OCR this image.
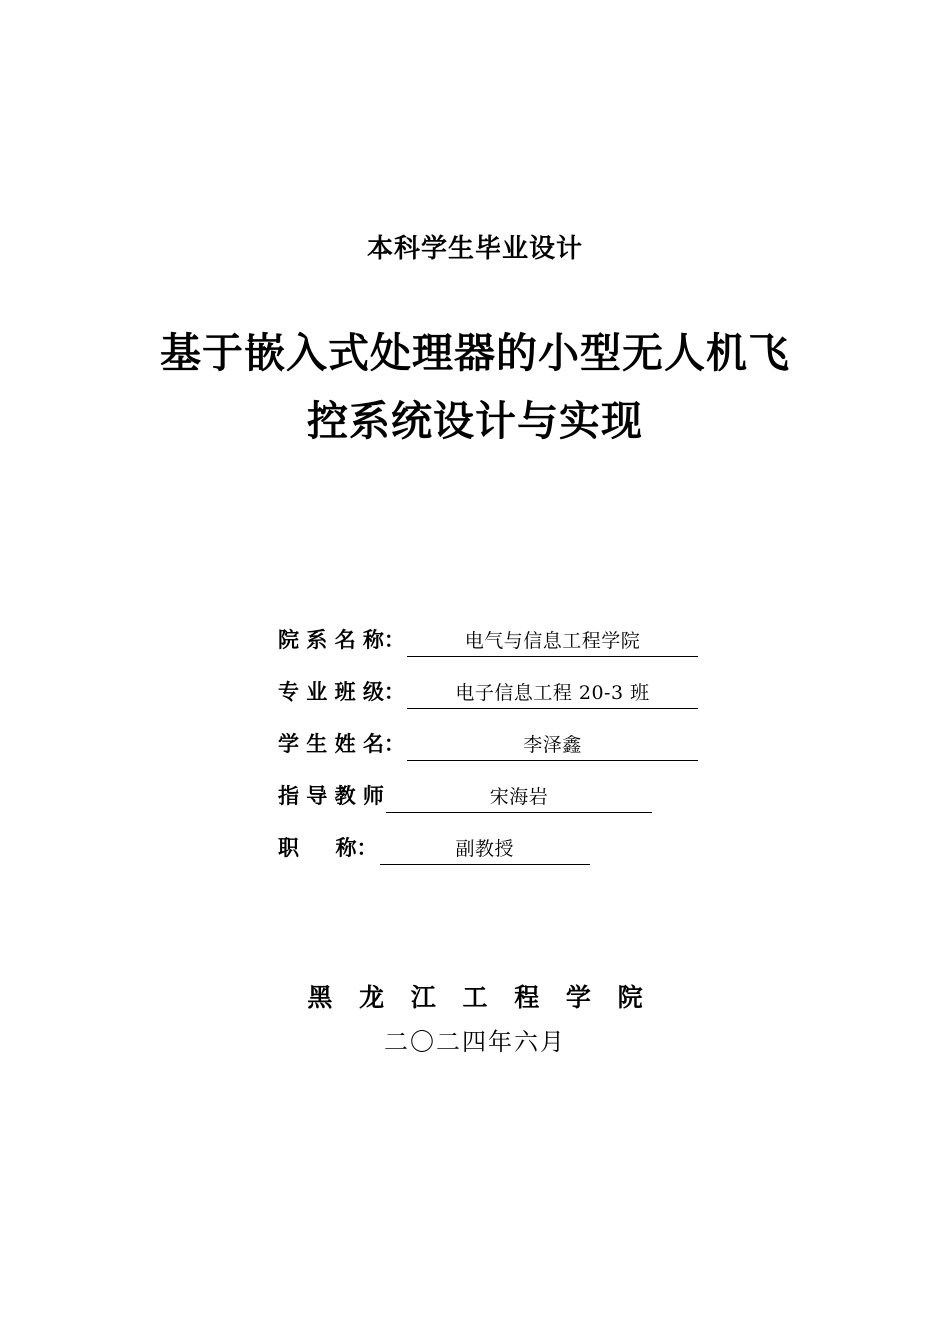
本科学生毕业设计
基于嵌入式处理器的小型无人机飞
控系统设计与实现
院 系 名 称：	电气与信息工程学院
专 业 班 级：	电子信息工程 20-3 班
学 生 姓 名：	李泽鑫
指 导 教 师	宋海岩
职     称：	副教授
黑 龙 江 工 程 学 院
二〇二四年六月
